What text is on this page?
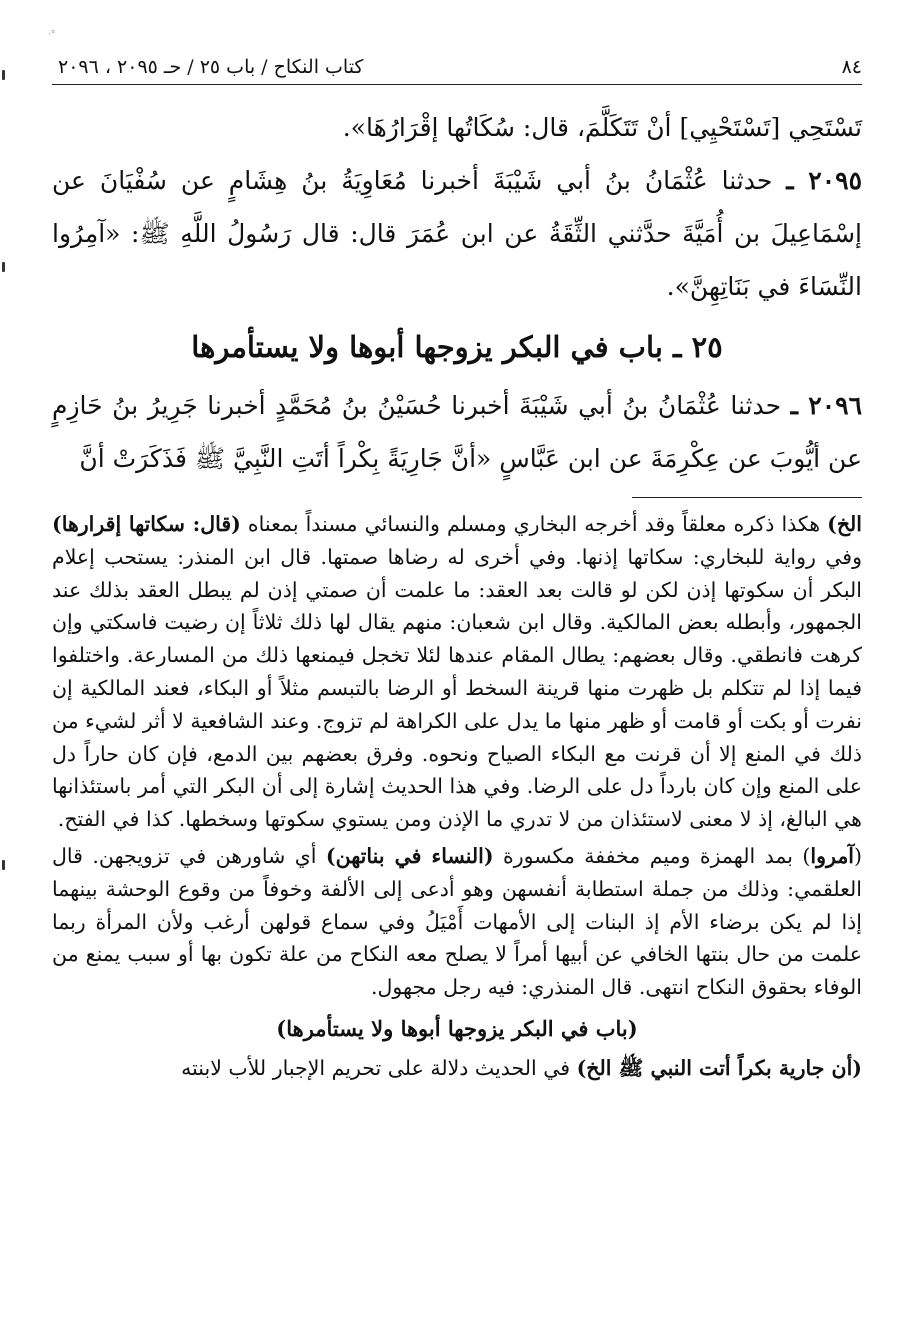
°·
٨٤
كتاب النكاح / باب ٢٥ / حـ ٢٠٩٥ ، ٢٠٩٦

تَسْتَحِي [تَسْتَحْيِي] أنْ تَتَكَلَّمَ، قال: سُكَاتُها إقْرَارُهَا».

٢٠٩٥ ـ حدثنا عُثْمَانُ بنُ أبي شَيْبَةَ أخبرنا مُعَاوِيَةُ بنُ هِشَامٍ عن سُفْيَانَ عن إسْمَاعِيلَ بن أُمَيَّةَ حدَّثني الثِّقَةُ عن ابن عُمَرَ قال: قال رَسُولُ اللَّهِ ﷺ: «آمِرُوا النِّسَاءَ في بَنَاتِهِنَّ».

٢٥ ـ باب في البكر يزوجها أبوها ولا يستأمرها

٢٠٩٦ ـ حدثنا عُثْمَانُ بنُ أبي شَيْبَةَ أخبرنا حُسَيْنُ بنُ مُحَمَّدٍ أخبرنا جَرِيرُ بنُ حَازِمٍ عن أيُّوبَ عن عِكْرِمَةَ عن ابن عَبَّاسٍ «أنَّ جَارِيَةً بِكْراً أتَتِ النَّبِيَّ ﷺ فَذَكَرَتْ أنَّ

الخ) هكذا ذكره معلقاً وقد أخرجه البخاري ومسلم والنسائي مسنداً بمعناه (قال: سكاتها إقرارها) وفي رواية للبخاري: سكاتها إذنها. وفي أخرى له رضاها صمتها. قال ابن المنذر: يستحب إعلام البكر أن سكوتها إذن لكن لو قالت بعد العقد: ما علمت أن صمتي إذن لم يبطل العقد بذلك عند الجمهور، وأبطله بعض المالكية. وقال ابن شعبان: منهم يقال لها ذلك ثلاثاً إن رضيت فاسكتي وإن كرهت فانطقي. وقال بعضهم: يطال المقام عندها لئلا تخجل فيمنعها ذلك من المسارعة. واختلفوا فيما إذا لم تتكلم بل ظهرت منها قرينة السخط أو الرضا بالتبسم مثلاً أو البكاء، فعند المالكية إن نفرت أو بكت أو قامت أو ظهر منها ما يدل على الكراهة لم تزوج. وعند الشافعية لا أثر لشيء من ذلك في المنع إلا أن قرنت مع البكاء الصياح ونحوه. وفرق بعضهم بين الدمع، فإن كان حاراً دل على المنع وإن كان بارداً دل على الرضا. وفي هذا الحديث إشارة إلى أن البكر التي أمر باستئذانها هي البالغ، إذ لا معنى لاستئذان من لا تدري ما الإذن ومن يستوي سكوتها وسخطها. كذا في الفتح.

(آمروا) بمد الهمزة وميم مخففة مكسورة (النساء في بناتهن) أي شاورهن في تزويجهن. قال العلقمي: وذلك من جملة استطابة أنفسهن وهو أدعى إلى الألفة وخوفاً من وقوع الوحشة بينهما إذا لم يكن برضاء الأم إذ البنات إلى الأمهات أَمْيَلُ وفي سماع قولهن أرغب ولأن المرأة ربما علمت من حال بنتها الخافي عن أبيها أمراً لا يصلح معه النكاح من علة تكون بها أو سبب يمنع من الوفاء بحقوق النكاح انتهى. قال المنذري: فيه رجل مجهول.

(باب في البكر يزوجها أبوها ولا يستأمرها)

(أن جارية بكراً أتت النبي ﷺ الخ) في الحديث دلالة على تحريم الإجبار للأب لابنته
